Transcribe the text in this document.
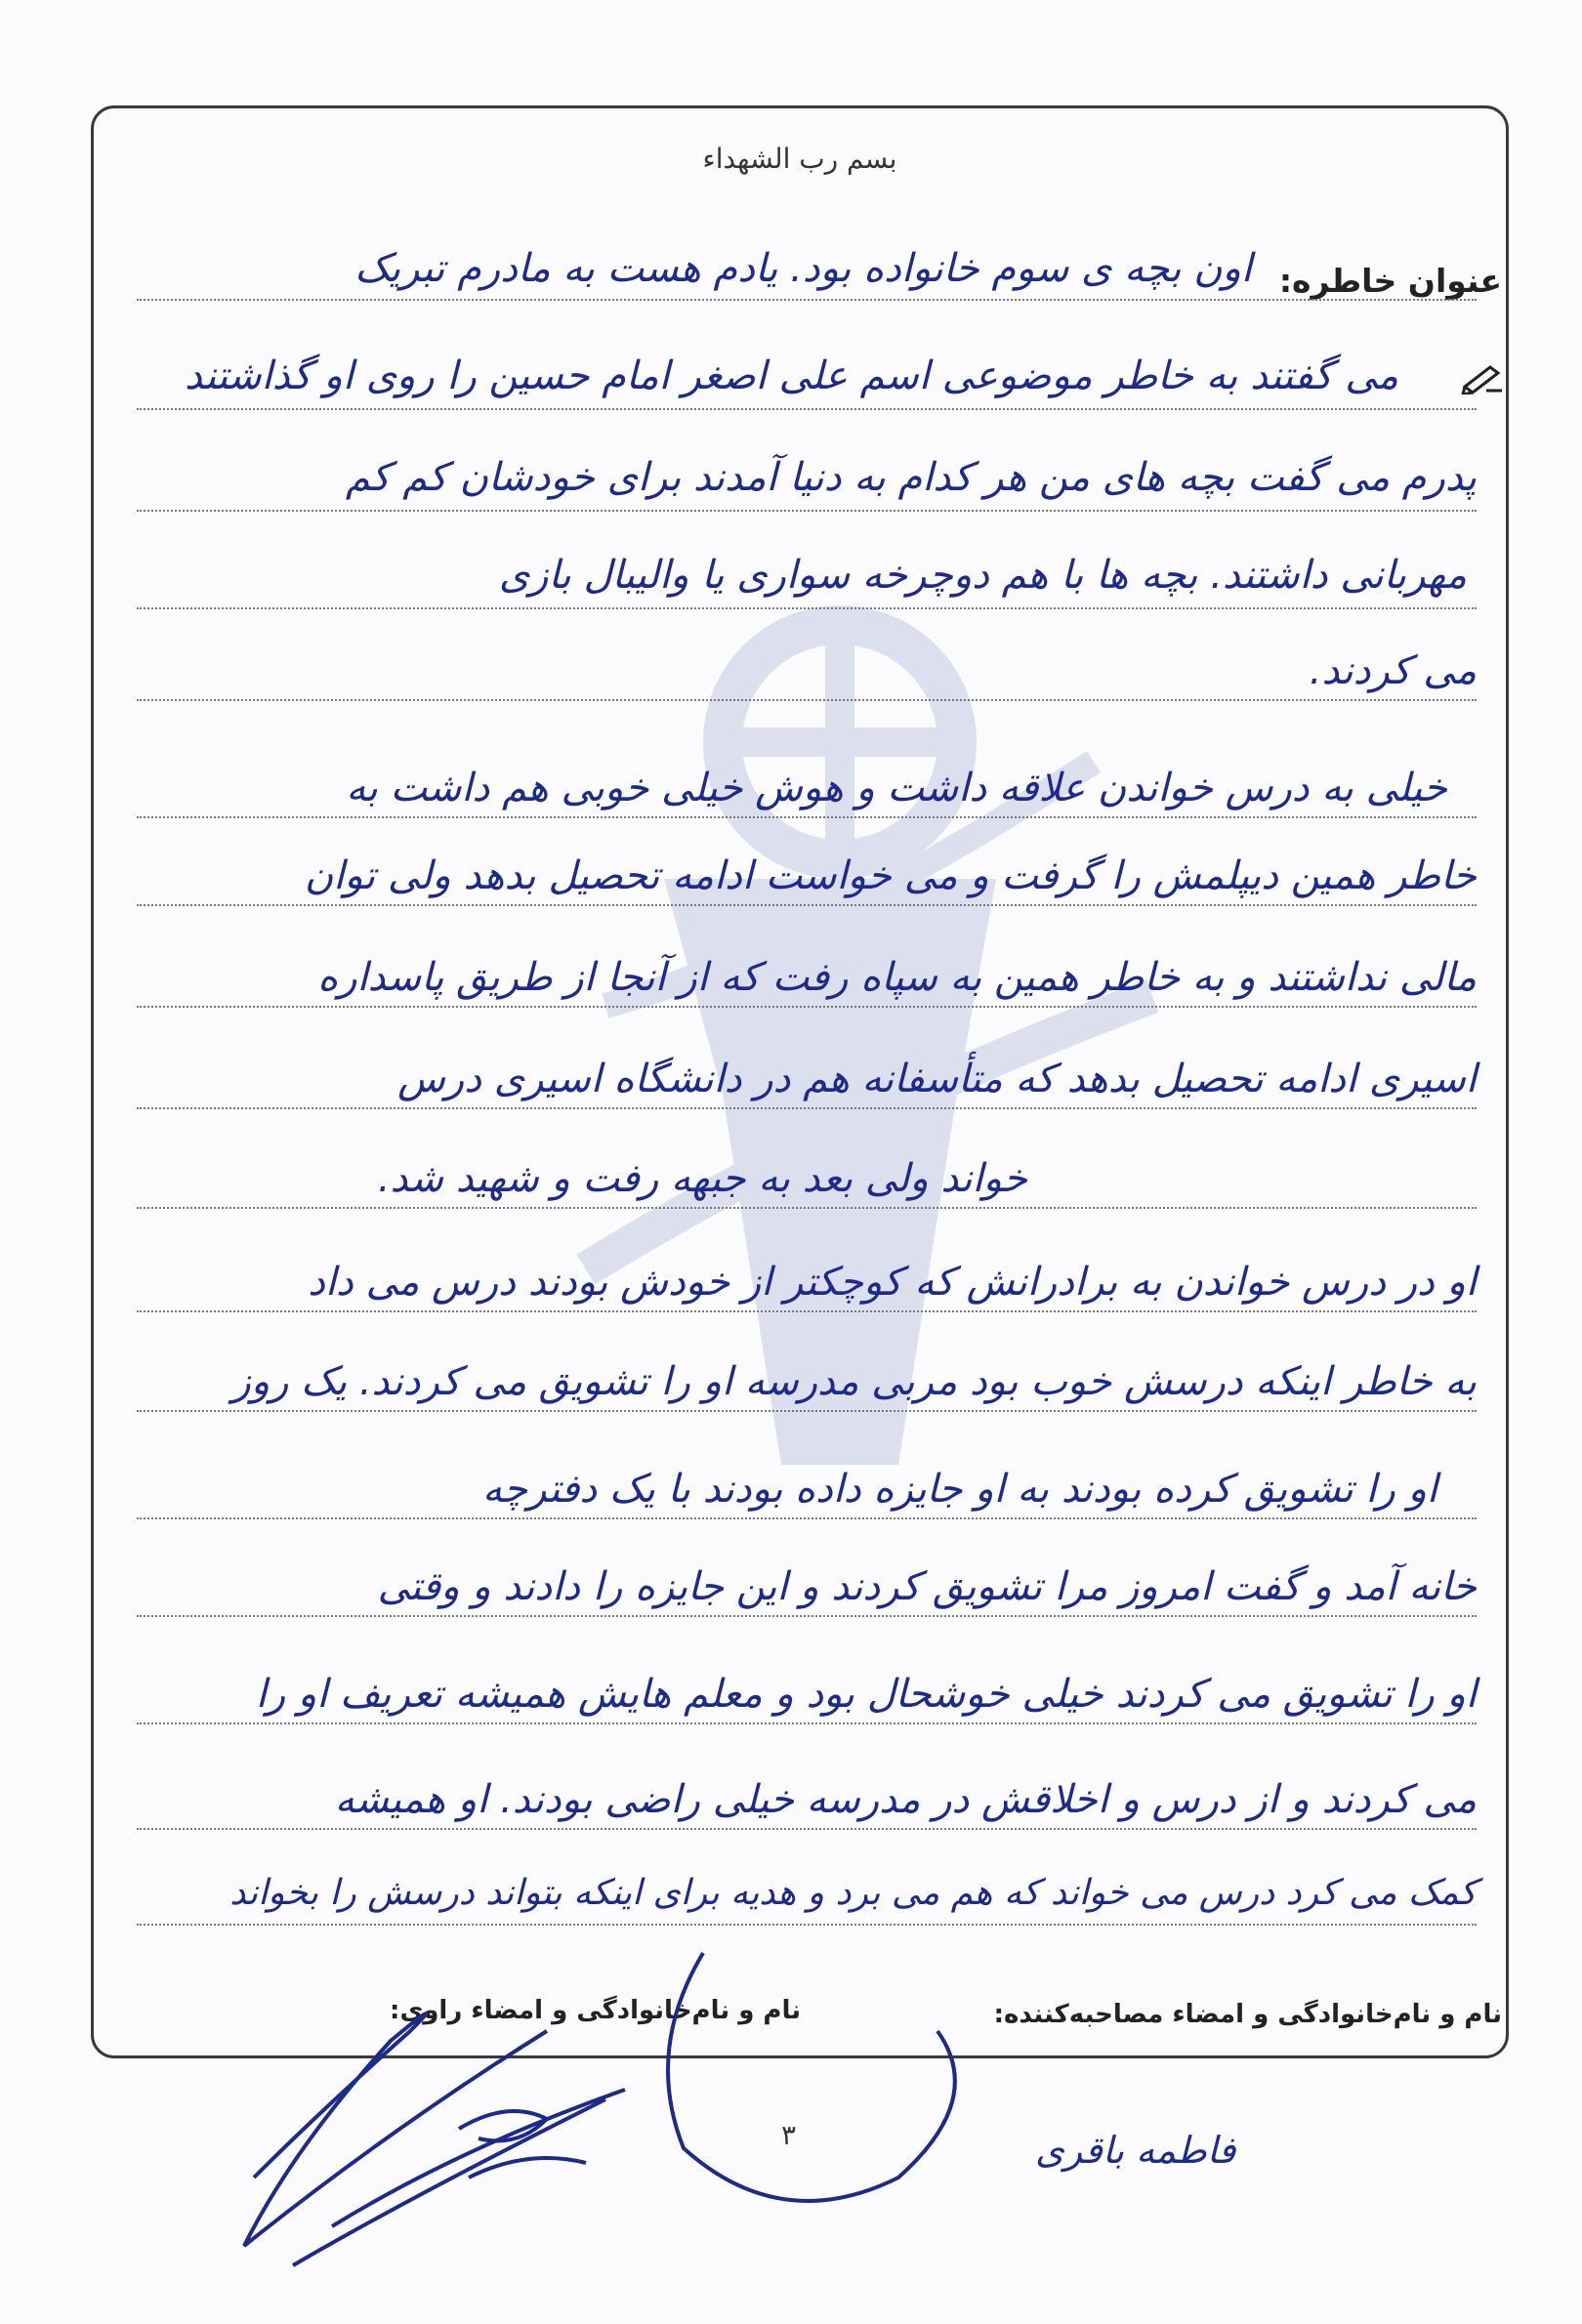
بسم رب الشهداء
عنوان خاطره:
اون بچه ی سوم خانواده بود. یادم هست به مادرم تبریک
می گفتند به خاطر موضوعی اسم علی اصغر امام حسین را روی او گذاشتند
پدرم می گفت بچه های من هر کدام به دنیا آمدند برای خودشان کم کم
مهربانی داشتند. بچه ها با هم دوچرخه سواری یا والیبال بازی
می کردند.
خیلی به درس خواندن علاقه داشت و هوش خیلی خوبی هم داشت به
خاطر همین دیپلمش را گرفت و می خواست ادامه تحصیل بدهد ولی توان
مالی نداشتند و به خاطر همین به سپاه رفت که از آنجا از طریق پاسداره
اسیری ادامه تحصیل بدهد که متأسفانه هم در دانشگاه اسیری درس
خواند ولی بعد به جبهه رفت و شهید شد.
او در درس خواندن به برادرانش که کوچکتر از خودش بودند درس می داد
به خاطر اینکه درسش خوب بود مربی مدرسه او را تشویق می کردند. یک روز
او را تشویق کرده بودند به او جایزه داده بودند با یک دفترچه
خانه آمد و گفت امروز مرا تشویق کردند و این جایزه را دادند و وقتی
او را تشویق می کردند خیلی خوشحال بود و معلم هایش همیشه تعریف او را
می کردند و از درس و اخلاقش در مدرسه خیلی راضی بودند. او همیشه
کمک می کرد درس می خواند که هم می برد و هدیه برای اینکه بتواند درسش را بخواند
نام و نام‌خانوادگی و امضاء مصاحبه‌کننده:
نام و نام‌خانوادگی و امضاء راوی:
فاطمه باقری
۳
